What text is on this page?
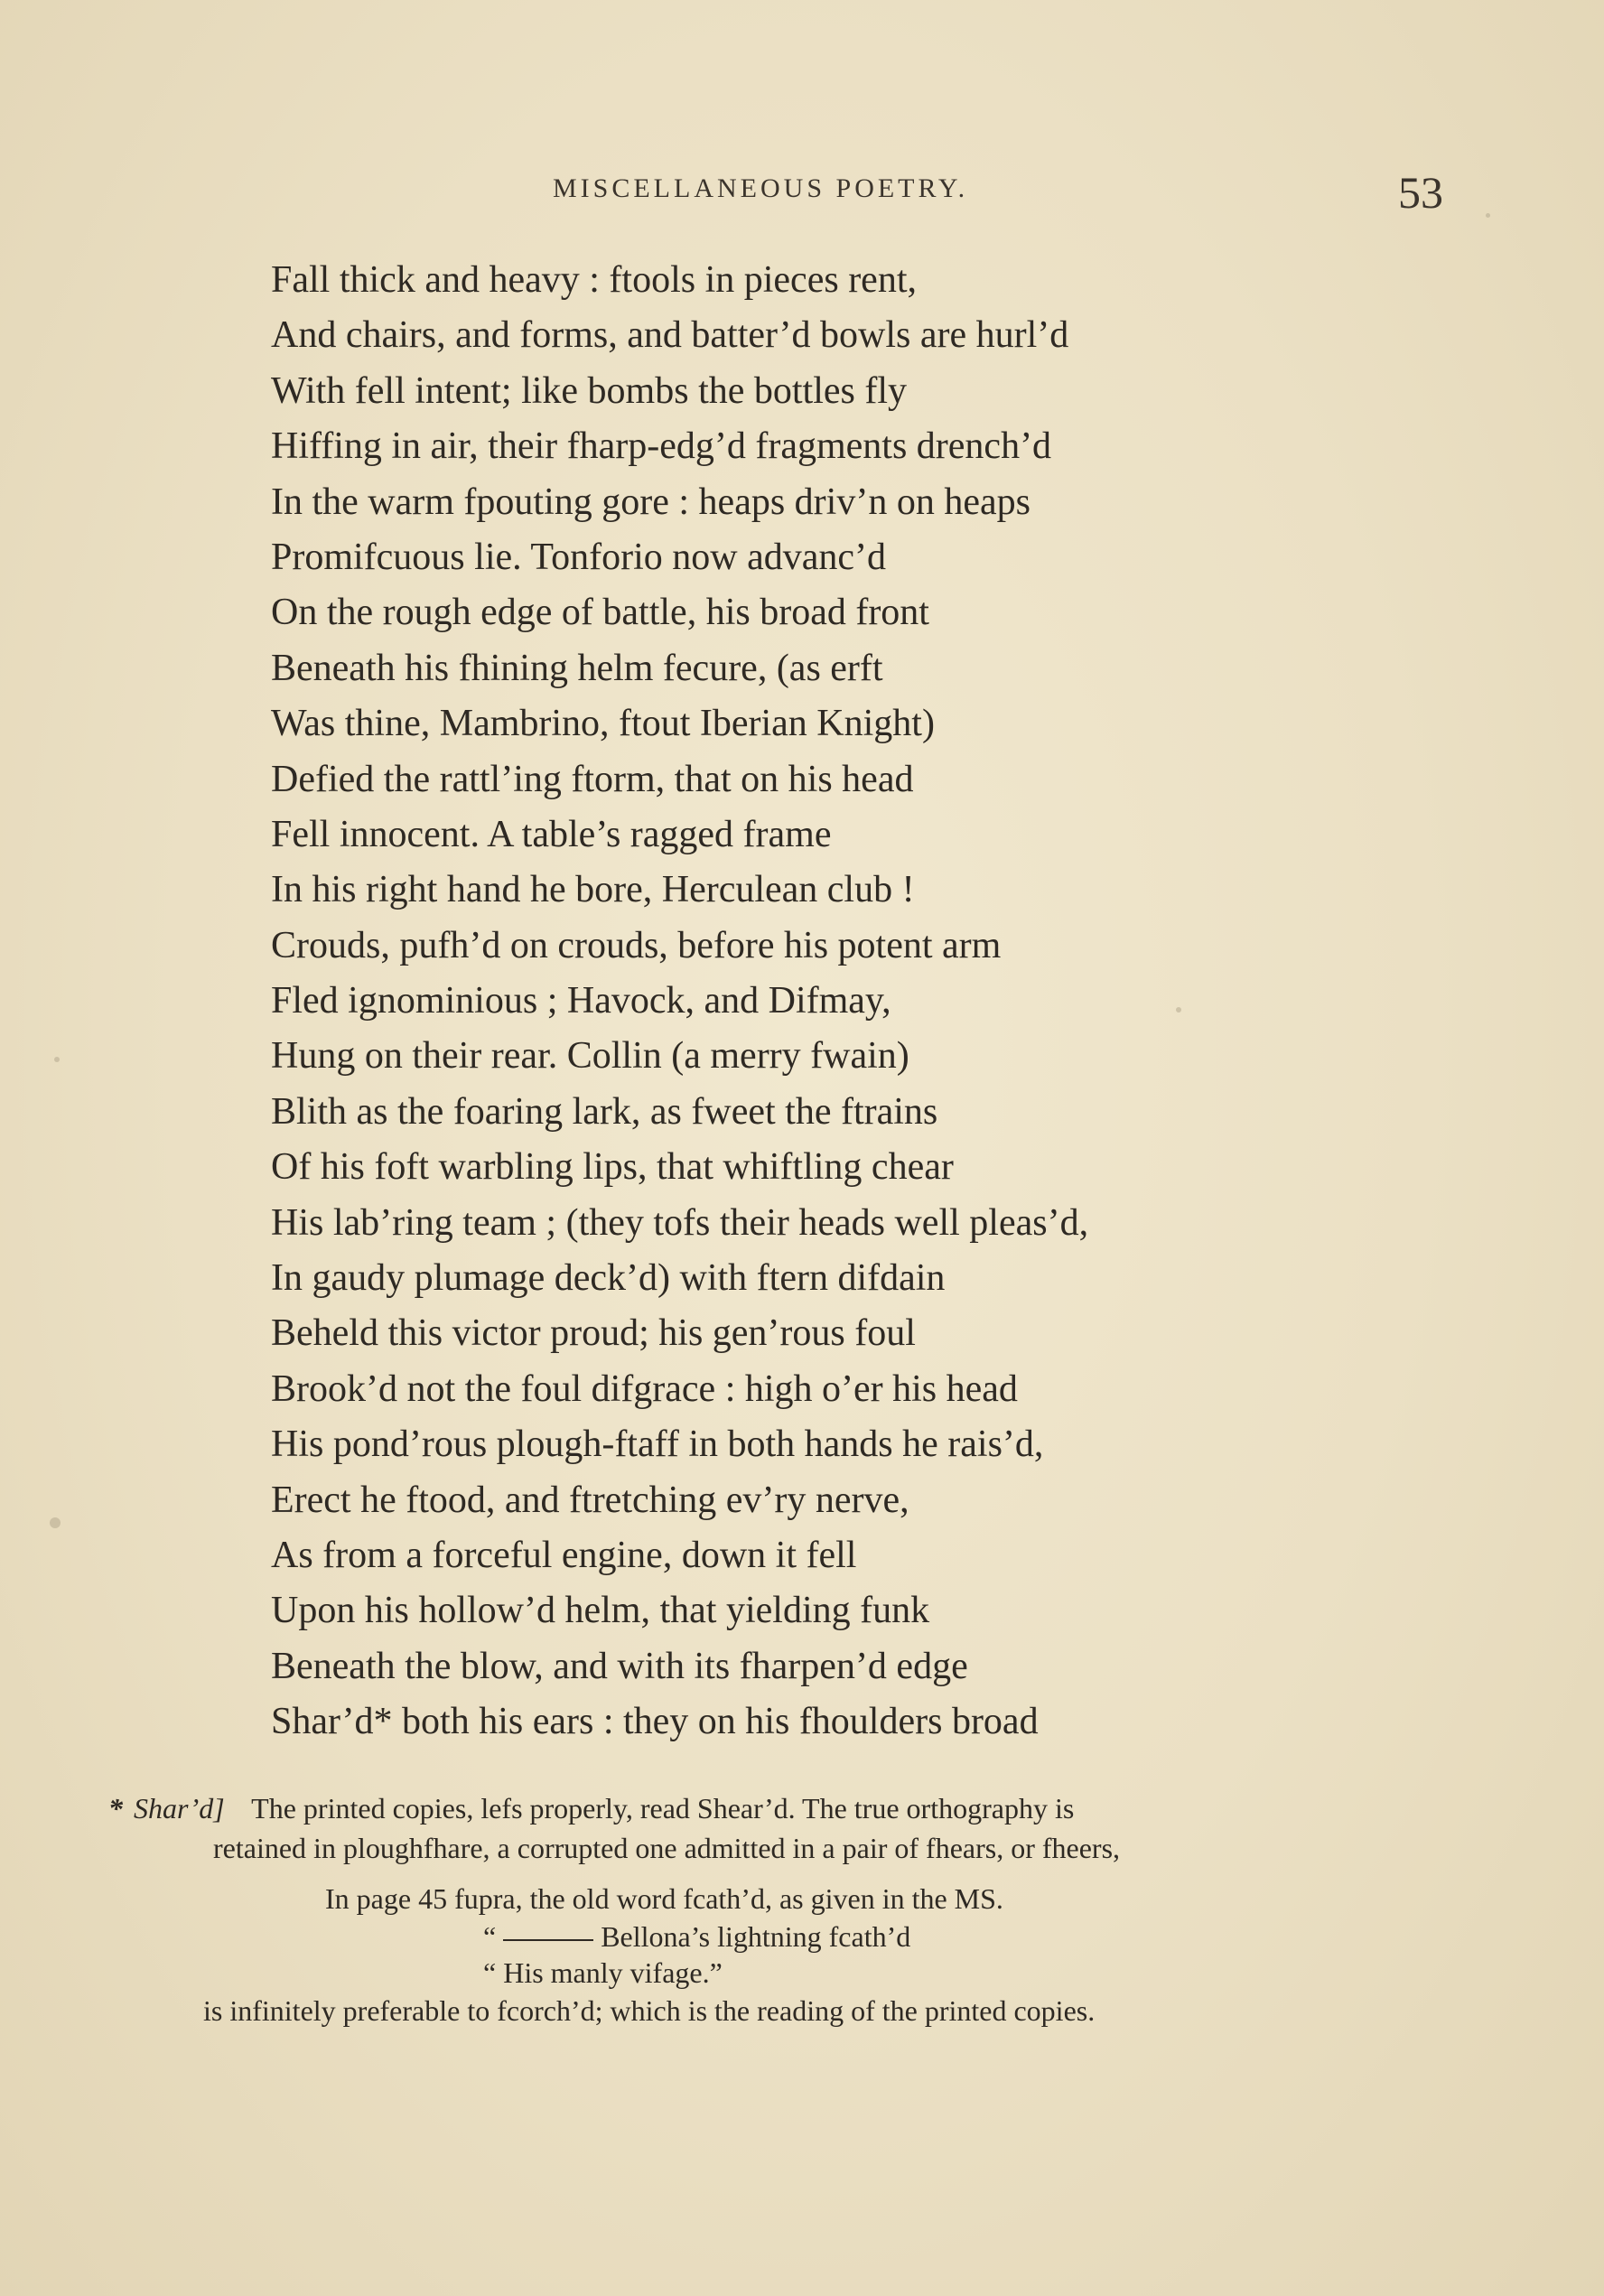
MISCELLANEOUS POETRY.	53
Fall thick and heavy : ftools in pieces rent,
And chairs, and forms, and batter’d bowls are hurl’d
With fell intent; like bombs the bottles fly
Hiffing in air, their fharp-edg’d fragments drench’d
In the warm fpouting gore : heaps driv’n on heaps
Promifcuous lie. Tonforio now advanc’d
On the rough edge of battle, his broad front
Beneath his fhining helm fecure, (as erft
Was thine, Mambrino, ftout Iberian Knight)
Defied the rattl’ing ftorm, that on his head
Fell innocent. A table’s ragged frame
In his right hand he bore, Herculean club !
Crouds, pufh’d on crouds, before his potent arm
Fled ignominious ; Havock, and Difmay,
Hung on their rear. Collin (a merry fwain)
Blith as the foaring lark, as fweet the ftrains
Of his foft warbling lips, that whiftling chear
His lab’ring team ; (they tofs their heads well pleas’d,
In gaudy plumage deck’d) with ftern difdain
Beheld this victor proud; his gen’rous foul
Brook’d not the foul difgrace : high o’er his head
His pond’rous plough-ftaff in both hands he rais’d,
Erect he ftood, and ftretching ev’ry nerve,
As from a forceful engine, down it fell
Upon his hollow’d helm, that yielding funk
Beneath the blow, and with its fharpen’d edge
Shar’d* both his ears : they on his fhoulders broad
* Shar’d] The printed copies, lefs properly, read Shear’d. The true orthography is
retained in ploughfhare, a corrupted one admitted in a pair of fhears, or fheers,
In page 45 fupra, the old word fcath’d, as given in the MS.
“	Bellona’s lightning fcath’d
“ His manly vifage.”
is infinitely preferable to fcorch’d; which is the reading of the printed copies.
